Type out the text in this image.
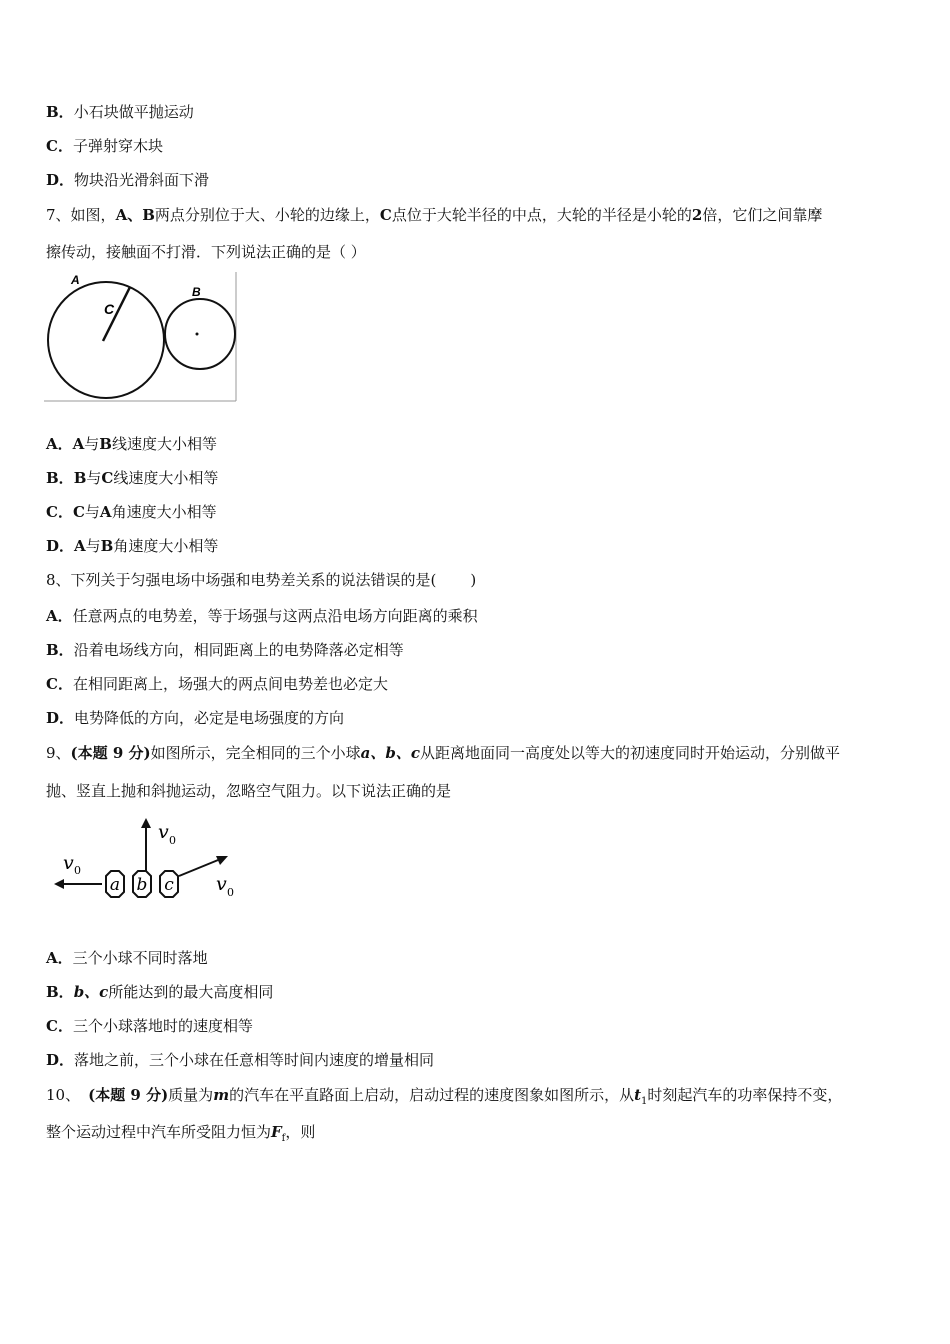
B．小石块做平抛运动
C．子弹射穿木块
D．物块沿光滑斜面下滑
7、如图，A、B两点分别位于大、小轮的边缘上，C点位于大轮半径的中点，大轮的半径是小轮的2倍，它们之间靠摩
擦传动，接触面不打滑．下列说法正确的是（ ）
A
C
B
A．A与B线速度大小相等
B．B与C线速度大小相等
C．C与A角速度大小相等
D．A与B角速度大小相等
8、下列关于匀强电场中场强和电势差关系的说法错误的是( )
A．任意两点的电势差，等于场强与这两点沿电场方向距离的乘积
B．沿着电场线方向，相同距离上的电势降落必定相等
C．在相同距离上，场强大的两点间电势差也必定大
D．电势降低的方向，必定是电场强度的方向
9、(本题 9 分)如图所示，完全相同的三个小球a、b、c从距离地面同一高度处以等大的初速度同时开始运动，分别做平
抛、竖直上抛和斜抛运动，忽略空气阻力。以下说法正确的是
a b c
v 0
v 0
v 0
A．三个小球不同时落地
B．b、c所能达到的最大高度相同
C．三个小球落地时的速度相等
D．落地之前，三个小球在任意相等时间内速度的增量相同
10、 (本题 9 分)质量为m的汽车在平直路面上启动，启动过程的速度图象如图所示，从$t_1$时刻起汽车的功率保持不变，
整个运动过程中汽车所受阻力恒为$F_f$，则
